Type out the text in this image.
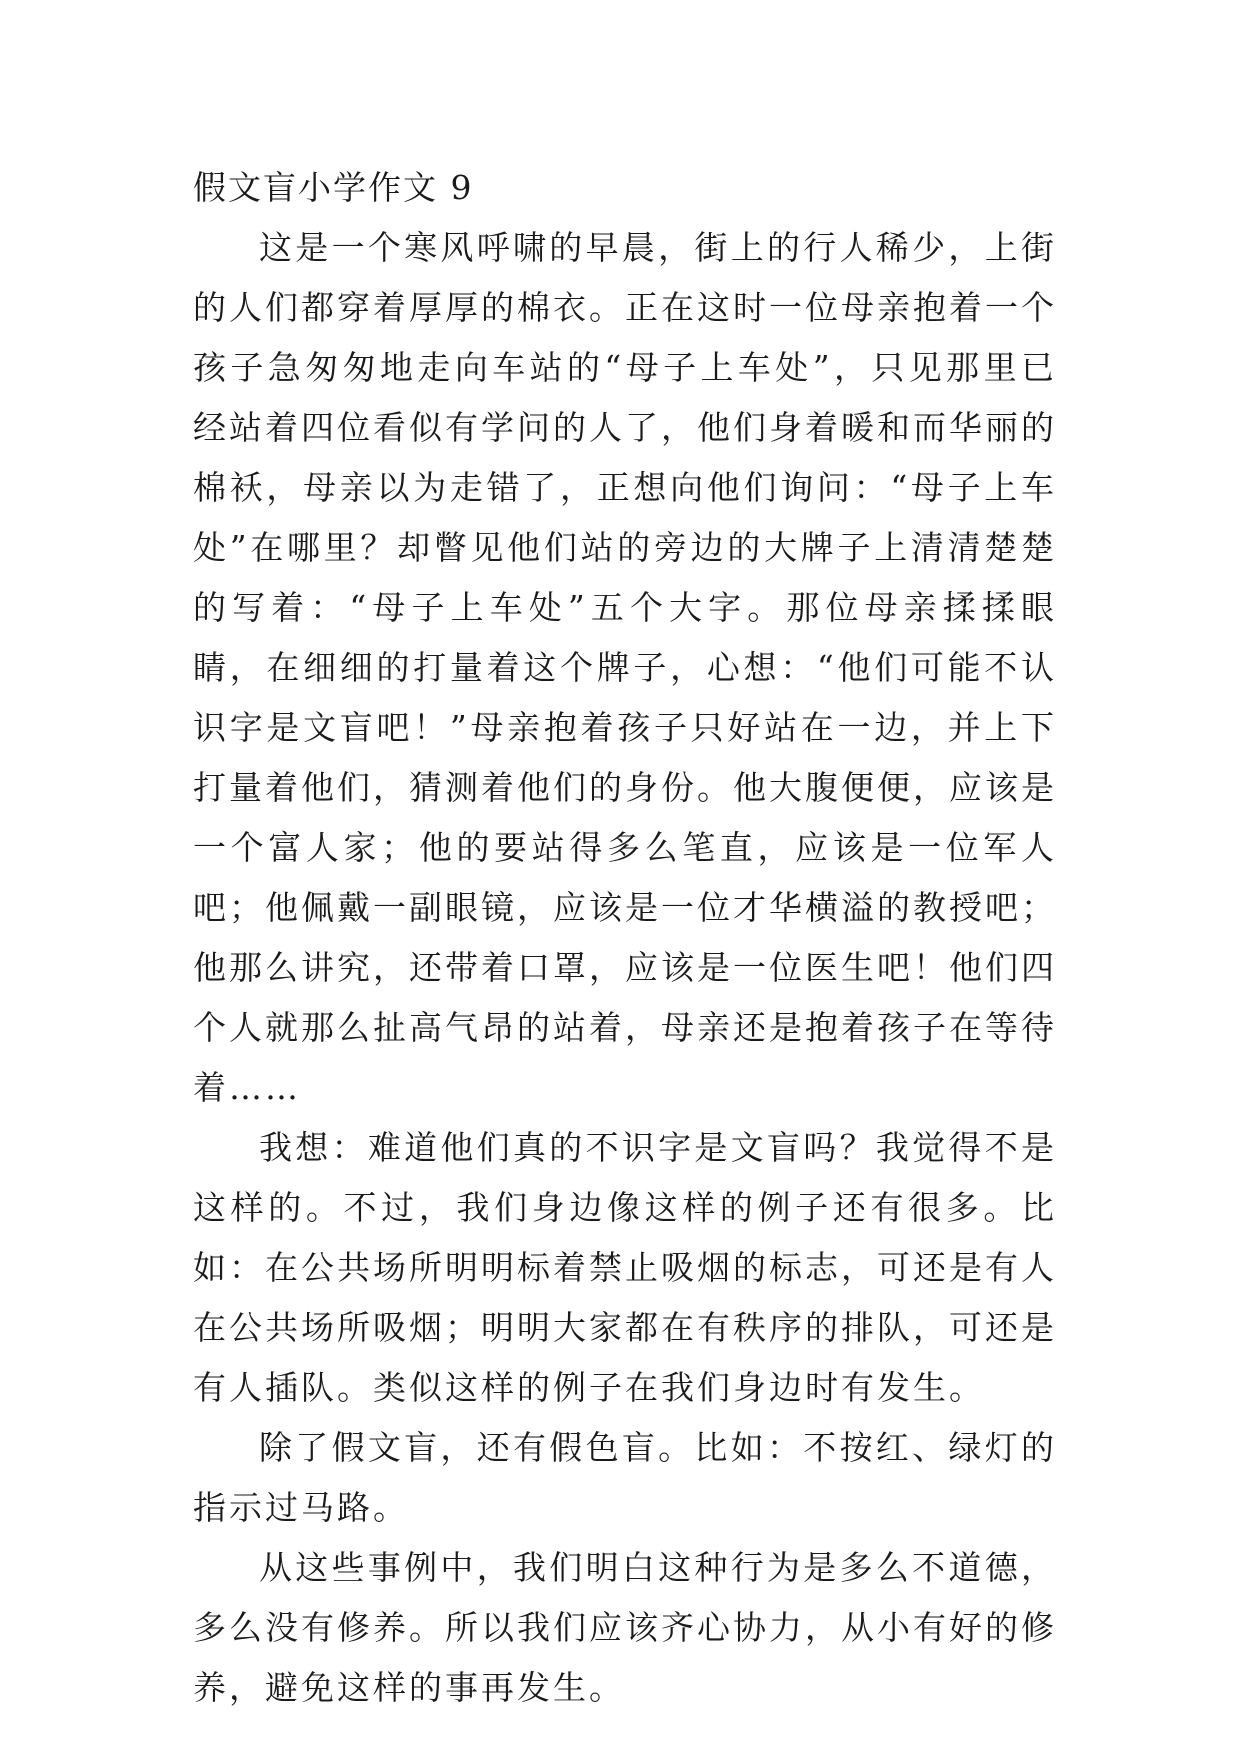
假文盲小学作文 9

这是一个寒风呼啸的早晨，街上的行人稀少，上街的人们都穿着厚厚的棉衣。正在这时一位母亲抱着一个孩子急匆匆地走向车站的“母子上车处”，只见那里已经站着四位看似有学问的人了，他们身着暖和而华丽的棉袄，母亲以为走错了，正想向他们询问：“母子上车处”在哪里？却瞥见他们站的旁边的大牌子上清清楚楚的写着：“母子上车处”五个大字。那位母亲揉揉眼睛，在细细的打量着这个牌子，心想：“他们可能不认识字是文盲吧！”母亲抱着孩子只好站在一边，并上下打量着他们，猜测着他们的身份。他大腹便便，应该是一个富人家；他的要站得多么笔直，应该是一位军人吧；他佩戴一副眼镜，应该是一位才华横溢的教授吧；他那么讲究，还带着口罩，应该是一位医生吧！他们四个人就那么扯高气昂的站着，母亲还是抱着孩子在等待着……

我想：难道他们真的不识字是文盲吗？我觉得不是这样的。不过，我们身边像这样的例子还有很多。比如：在公共场所明明标着禁止吸烟的标志，可还是有人在公共场所吸烟；明明大家都在有秩序的排队，可还是有人插队。类似这样的例子在我们身边时有发生。

除了假文盲，还有假色盲。比如：不按红、绿灯的指示过马路。

从这些事例中，我们明白这种行为是多么不道德，多么没有修养。所以我们应该齐心协力，从小有好的修养，避免这样的事再发生。
